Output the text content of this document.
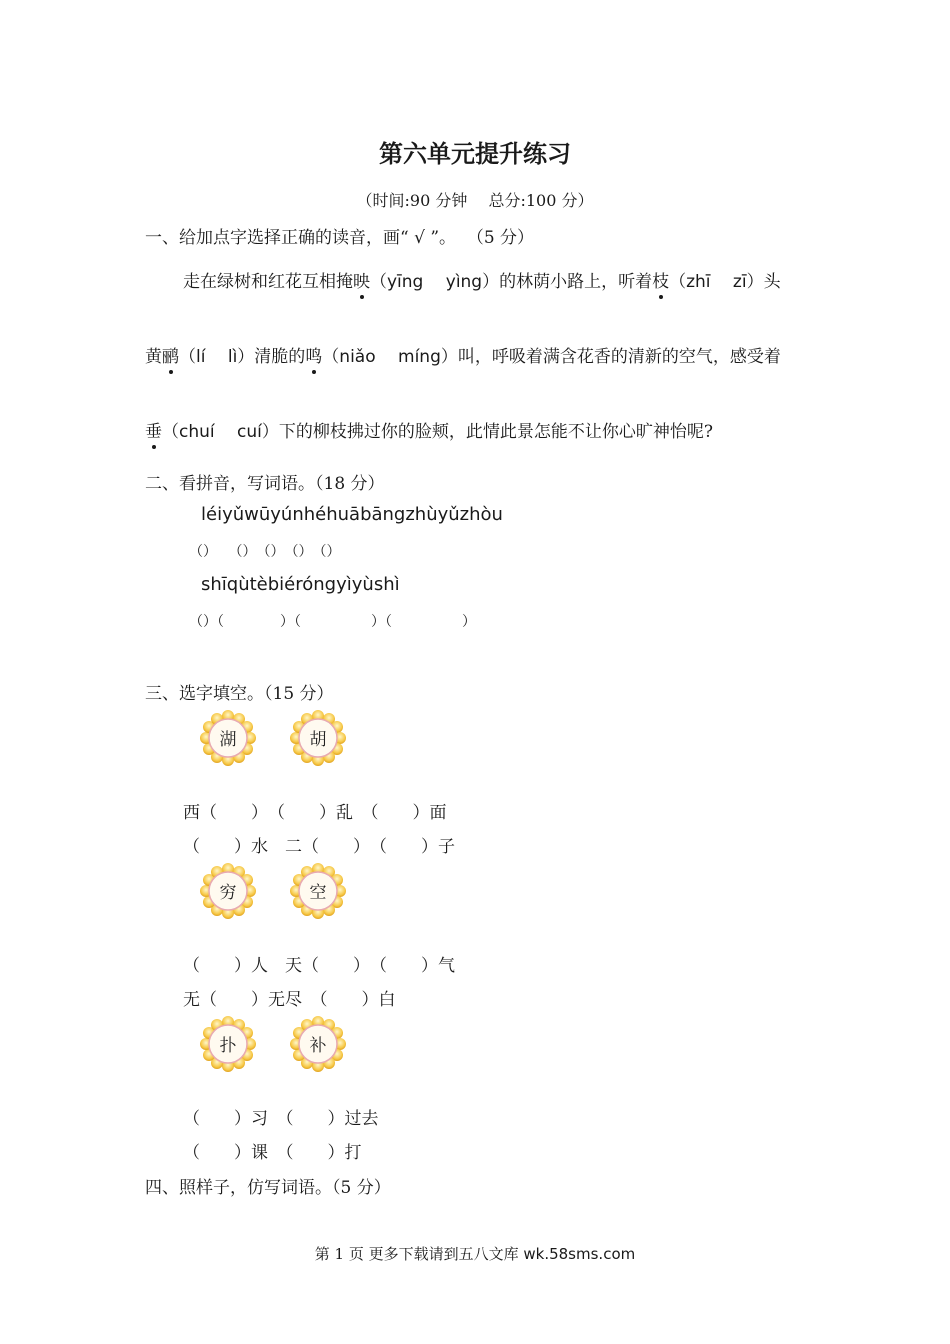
第六单元提升练习
（时间:90 分钟　 总分:100 分）
一、给加点字选择正确的读音，画“ √ ”。  （5 分）
走在绿树和红花互相掩映（yīng　 yìng）的林荫小路上，听着枝（zhī　 zī）头
黄鹂（lí　 lì）清脆的鸣（niǎo　 míng）叫，呼吸着满含花香的清新的空气，感受着
垂（chuí　 cuí）下的柳枝拂过你的脸颊，此情此景怎能不让你心旷神怡呢?
二、看拼音，写词语。（18 分）
léiyǔwūyúnhéhuābāngzhùyǔzhòu
（）　 （）　（）　（）　（）
shīqùtèbiéróngyìyùshì
（）（　　　　）（　　　　　）（　　　　　）
三、选字填空。（15 分）
湖	胡
西（　　）　（　　）乱　（　　）面
（　　）水　二（　　）　（　　）子
穷	空
（　　）人　天（　　）　（　　）气
无（　　）无尽　（　　）白
扑	补
（　　）习　（　　）过去
（　　）课　（　　）打
四、照样子，仿写词语。（5 分）
第 1 页 更多下载请到五八文库 wk.58sms.com
